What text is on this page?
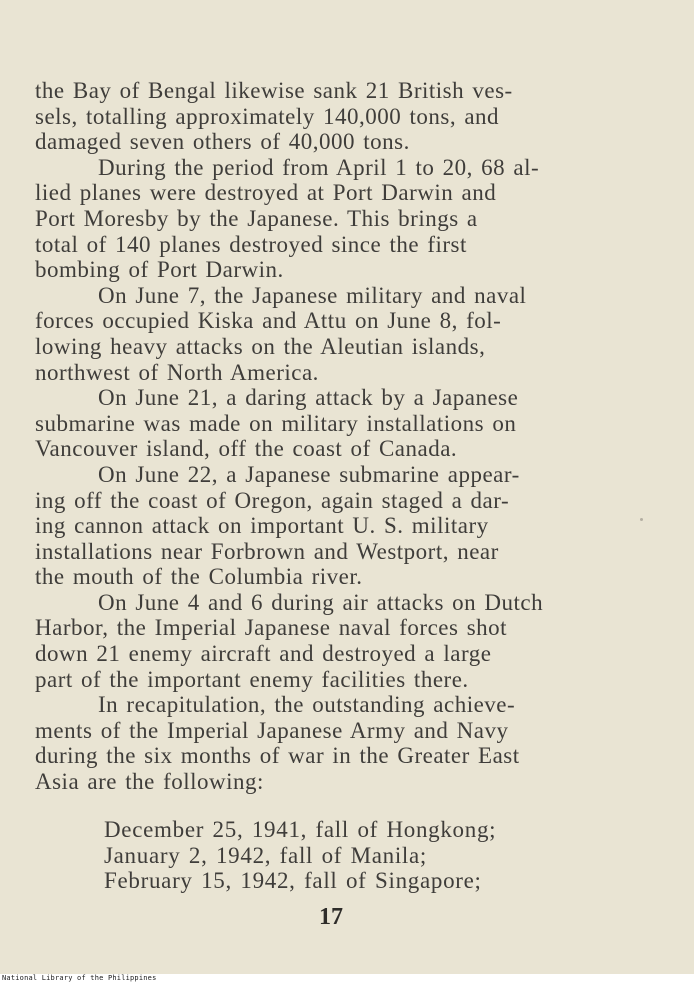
the Bay of Bengal likewise sank 21 British ves-
sels, totalling approximately 140,000 tons, and
damaged seven others of 40,000 tons.
During the period from April 1 to 20, 68 al-
lied planes were destroyed at Port Darwin and
Port Moresby by the Japanese. This brings a
total of 140 planes destroyed since the first
bombing of Port Darwin.
On June 7, the Japanese military and naval
forces occupied Kiska and Attu on June 8, fol-
lowing heavy attacks on the Aleutian islands,
northwest of North America.
On June 21, a daring attack by a Japanese
submarine was made on military installations on
Vancouver island, off the coast of Canada.
On June 22, a Japanese submarine appear-
ing off the coast of Oregon, again staged a dar-
ing cannon attack on important U. S. military
installations near Forbrown and Westport, near
the mouth of the Columbia river.
On June 4 and 6 during air attacks on Dutch
Harbor, the Imperial Japanese naval forces shot
down 21 enemy aircraft and destroyed a large
part of the important enemy facilities there.
In recapitulation, the outstanding achieve-
ments of the Imperial Japanese Army and Navy
during the six months of war in the Greater East
Asia are the following:
December 25, 1941, fall of Hongkong;
January 2, 1942, fall of Manila;
February 15, 1942, fall of Singapore;
17
National Library of the Philippines
